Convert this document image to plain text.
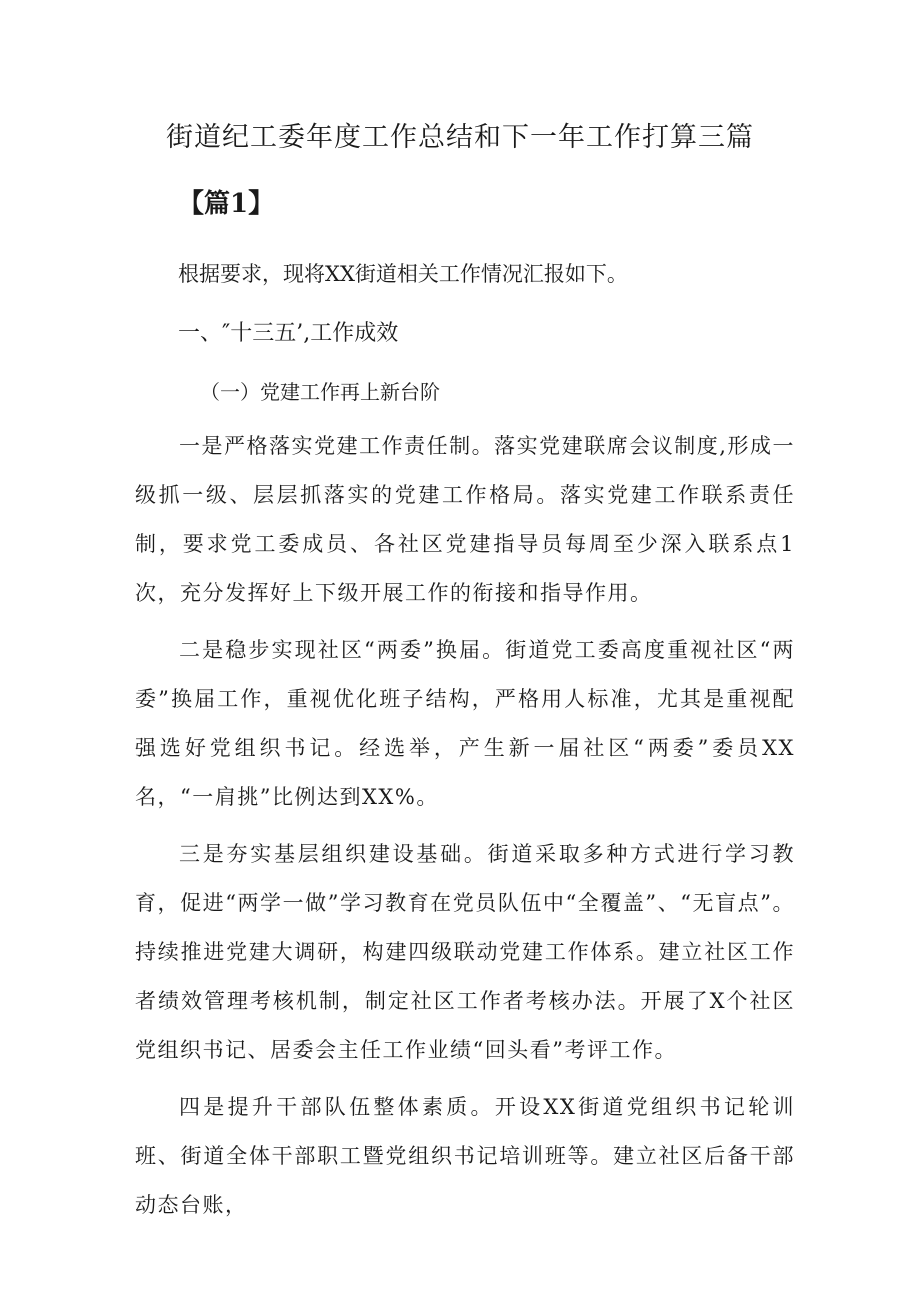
街道纪工委年度工作总结和下一年工作打算三篇
【篇1】
根据要求，现将XX街道相关工作情况汇报如下。
一、″十三五’,工作成效
（一）党建工作再上新台阶
一是严格落实党建工作责任制。落实党建联席会议制度,形成一级抓一级、层层抓落实的党建工作格局。落实党建工作联系责任制，要求党工委成员、各社区党建指导员每周至少深入联系点1次，充分发挥好上下级开展工作的衔接和指导作用。
二是稳步实现社区“两委”换届。街道党工委高度重视社区“两委”换届工作，重视优化班子结构，严格用人标准，尤其是重视配强选好党组织书记。经选举，产生新一届社区“两委”委员XX名，“一肩挑”比例达到XX%。
三是夯实基层组织建设基础。街道采取多种方式进行学习教育，促进“两学一做”学习教育在党员队伍中“全覆盖”、“无盲点”。持续推进党建大调研，构建四级联动党建工作体系。建立社区工作者绩效管理考核机制，制定社区工作者考核办法。开展了X个社区党组织书记、居委会主任工作业绩“回头看”考评工作。
四是提升干部队伍整体素质。开设XX街道党组织书记轮训班、街道全体干部职工暨党组织书记培训班等。建立社区后备干部动态台账，
